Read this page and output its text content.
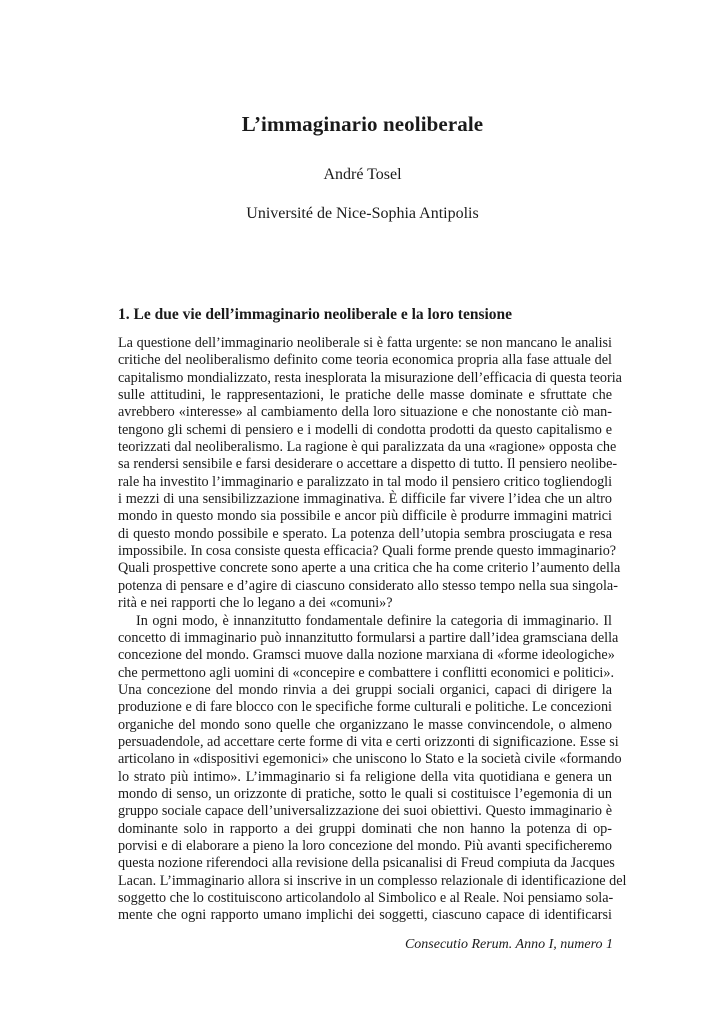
L’immaginario neoliberale
André Tosel
Université de Nice-Sophia Antipolis
1. Le due vie dell’immaginario neoliberale e la loro tensione
La questione dell’immaginario neoliberale si è fatta urgente: se non mancano le analisi
critiche del neoliberalismo definito come teoria economica propria alla fase attuale del
capitalismo mondializzato, resta inesplorata la misurazione dell’efficacia di questa teoria
sulle attitudini, le rappresentazioni, le pratiche delle masse dominate e sfruttate che
avrebbero «interesse» al cambiamento della loro situazione e che nonostante ciò man-
tengono gli schemi di pensiero e i modelli di condotta prodotti da questo capitalismo e
teorizzati dal neoliberalismo. La ragione è qui paralizzata da una «ragione» opposta che
sa rendersi sensibile e farsi desiderare o accettare a dispetto di tutto. Il pensiero neolibe-
rale ha investito l’immaginario e paralizzato in tal modo il pensiero critico togliendogli
i mezzi di una sensibilizzazione immaginativa. È difficile far vivere l’idea che un altro
mondo in questo mondo sia possibile e ancor più difficile è produrre immagini matrici
di questo mondo possibile e sperato. La potenza dell’utopia sembra prosciugata e resa
impossibile. In cosa consiste questa efficacia? Quali forme prende questo immaginario?
Quali prospettive concrete sono aperte a una critica che ha come criterio l’aumento della
potenza di pensare e d’agire di ciascuno considerato allo stesso tempo nella sua singola-
rità e nei rapporti che lo legano a dei «comuni»?
In ogni modo, è innanzitutto fondamentale definire la categoria di immaginario. Il
concetto di immaginario può innanzitutto formularsi a partire dall’idea gramsciana della
concezione del mondo. Gramsci muove dalla nozione marxiana di «forme ideologiche»
che permettono agli uomini di «concepire e combattere i conflitti economici e politici».
Una concezione del mondo rinvia a dei gruppi sociali organici, capaci di dirigere la
produzione e di fare blocco con le specifiche forme culturali e politiche. Le concezioni
organiche del mondo sono quelle che organizzano le masse convincendole, o almeno
persuadendole, ad accettare certe forme di vita e certi orizzonti di significazione. Esse si
articolano in «dispositivi egemonici» che uniscono lo Stato e la società civile «formando
lo strato più intimo». L’immaginario si fa religione della vita quotidiana e genera un
mondo di senso, un orizzonte di pratiche, sotto le quali si costituisce l’egemonia di un
gruppo sociale capace dell’universalizzazione dei suoi obiettivi. Questo immaginario è
dominante solo in rapporto a dei gruppi dominati che non hanno la potenza di op-
porvisi e di elaborare a pieno la loro concezione del mondo. Più avanti specificheremo
questa nozione riferendoci alla revisione della psicanalisi di Freud compiuta da Jacques
Lacan. L’immaginario allora si inscrive in un complesso relazionale di identificazione del
soggetto che lo costituiscono articolandolo al Simbolico e al Reale. Noi pensiamo sola-
mente che ogni rapporto umano implichi dei soggetti, ciascuno capace di identificarsi
Consecutio Rerum. Anno I, numero 1
